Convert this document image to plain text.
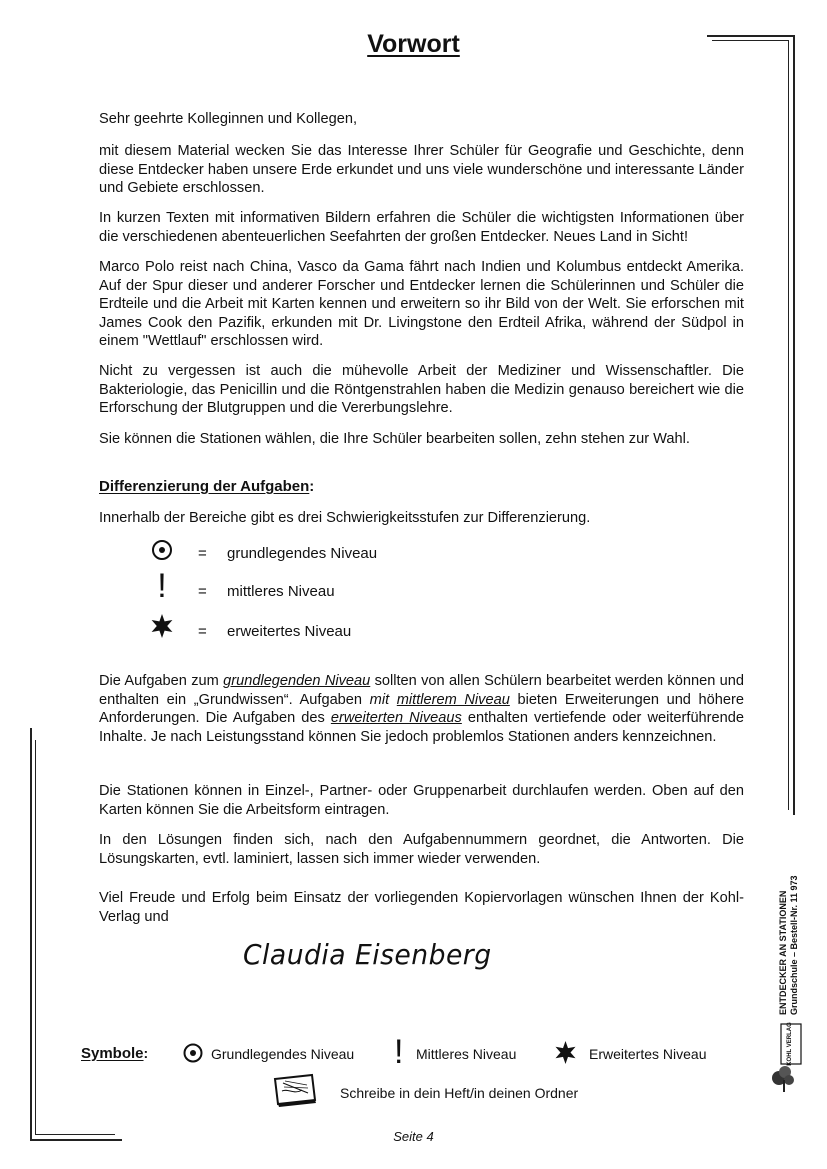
Vorwort
Sehr geehrte Kolleginnen und Kollegen,
mit diesem Material wecken Sie das Interesse Ihrer Schüler für Geografie und Geschichte, denn diese Entdecker haben unsere Erde erkundet und uns viele wunderschöne und interessante Länder und Gebiete erschlossen.
In kurzen Texten mit informativen Bildern erfahren die Schüler die wichtigsten Informationen über die verschiedenen abenteuerlichen Seefahrten der großen Entdecker. Neues Land in Sicht!
Marco Polo reist nach China, Vasco da Gama fährt nach Indien und Kolumbus entdeckt Amerika. Auf der Spur dieser und anderer Forscher und Entdecker lernen die Schülerinnen und Schüler die Erdteile und die Arbeit mit Karten kennen und erweitern so ihr Bild von der Welt. Sie erforschen mit James Cook den Pazifik, erkunden mit Dr. Livingstone den Erdteil Afrika, während der Südpol in einem "Wettlauf" erschlossen wird.
Nicht zu vergessen ist auch die mühevolle Arbeit der Mediziner und Wissenschaftler. Die Bakteriologie, das Penicillin und die Röntgenstrahlen haben die Medizin genauso bereichert wie die Erforschung der Blutgruppen und die Vererbungslehre.
Sie können die Stationen wählen, die Ihre Schüler bearbeiten sollen, zehn stehen zur Wahl.
Differenzierung der Aufgaben:
Innerhalb der Bereiche gibt es drei Schwierigkeitsstufen zur Differenzierung.
= grundlegendes Niveau
!	= mittleres Niveau
= erweitertes Niveau
Die Aufgaben zum grundlegenden Niveau sollten von allen Schülern bearbeitet werden können und enthalten ein „Grundwissen“. Aufgaben mit mittlerem Niveau bieten Erweiterungen und höhere Anforderungen. Die Aufgaben des erweiterten Niveaus enthalten vertiefende oder weiterführende Inhalte. Je nach Leistungsstand können Sie jedoch problemlos Stationen anders kennzeichnen.
Die Stationen können in Einzel-, Partner- oder Gruppenarbeit durchlaufen werden. Oben auf den Karten können Sie die Arbeitsform eintragen.
In den Lösungen finden sich, nach den Aufgabennummern geordnet, die Antworten. Die Lösungskarten, evtl. laminiert, lassen sich immer wieder verwenden.
Viel Freude und Erfolg beim Einsatz der vorliegenden Kopiervorlagen wünschen Ihnen der Kohl-Verlag und
Claudia Eisenberg
Symbole:	Grundlegendes Niveau ! Mittleres Niveau	Erweitertes Niveau
Schreibe in dein Heft/in deinen Ordner
ENTDECKER AN STATIONEN Grundschule – Bestell-Nr. 11 973
KOHL VERLAG
Seite 4
